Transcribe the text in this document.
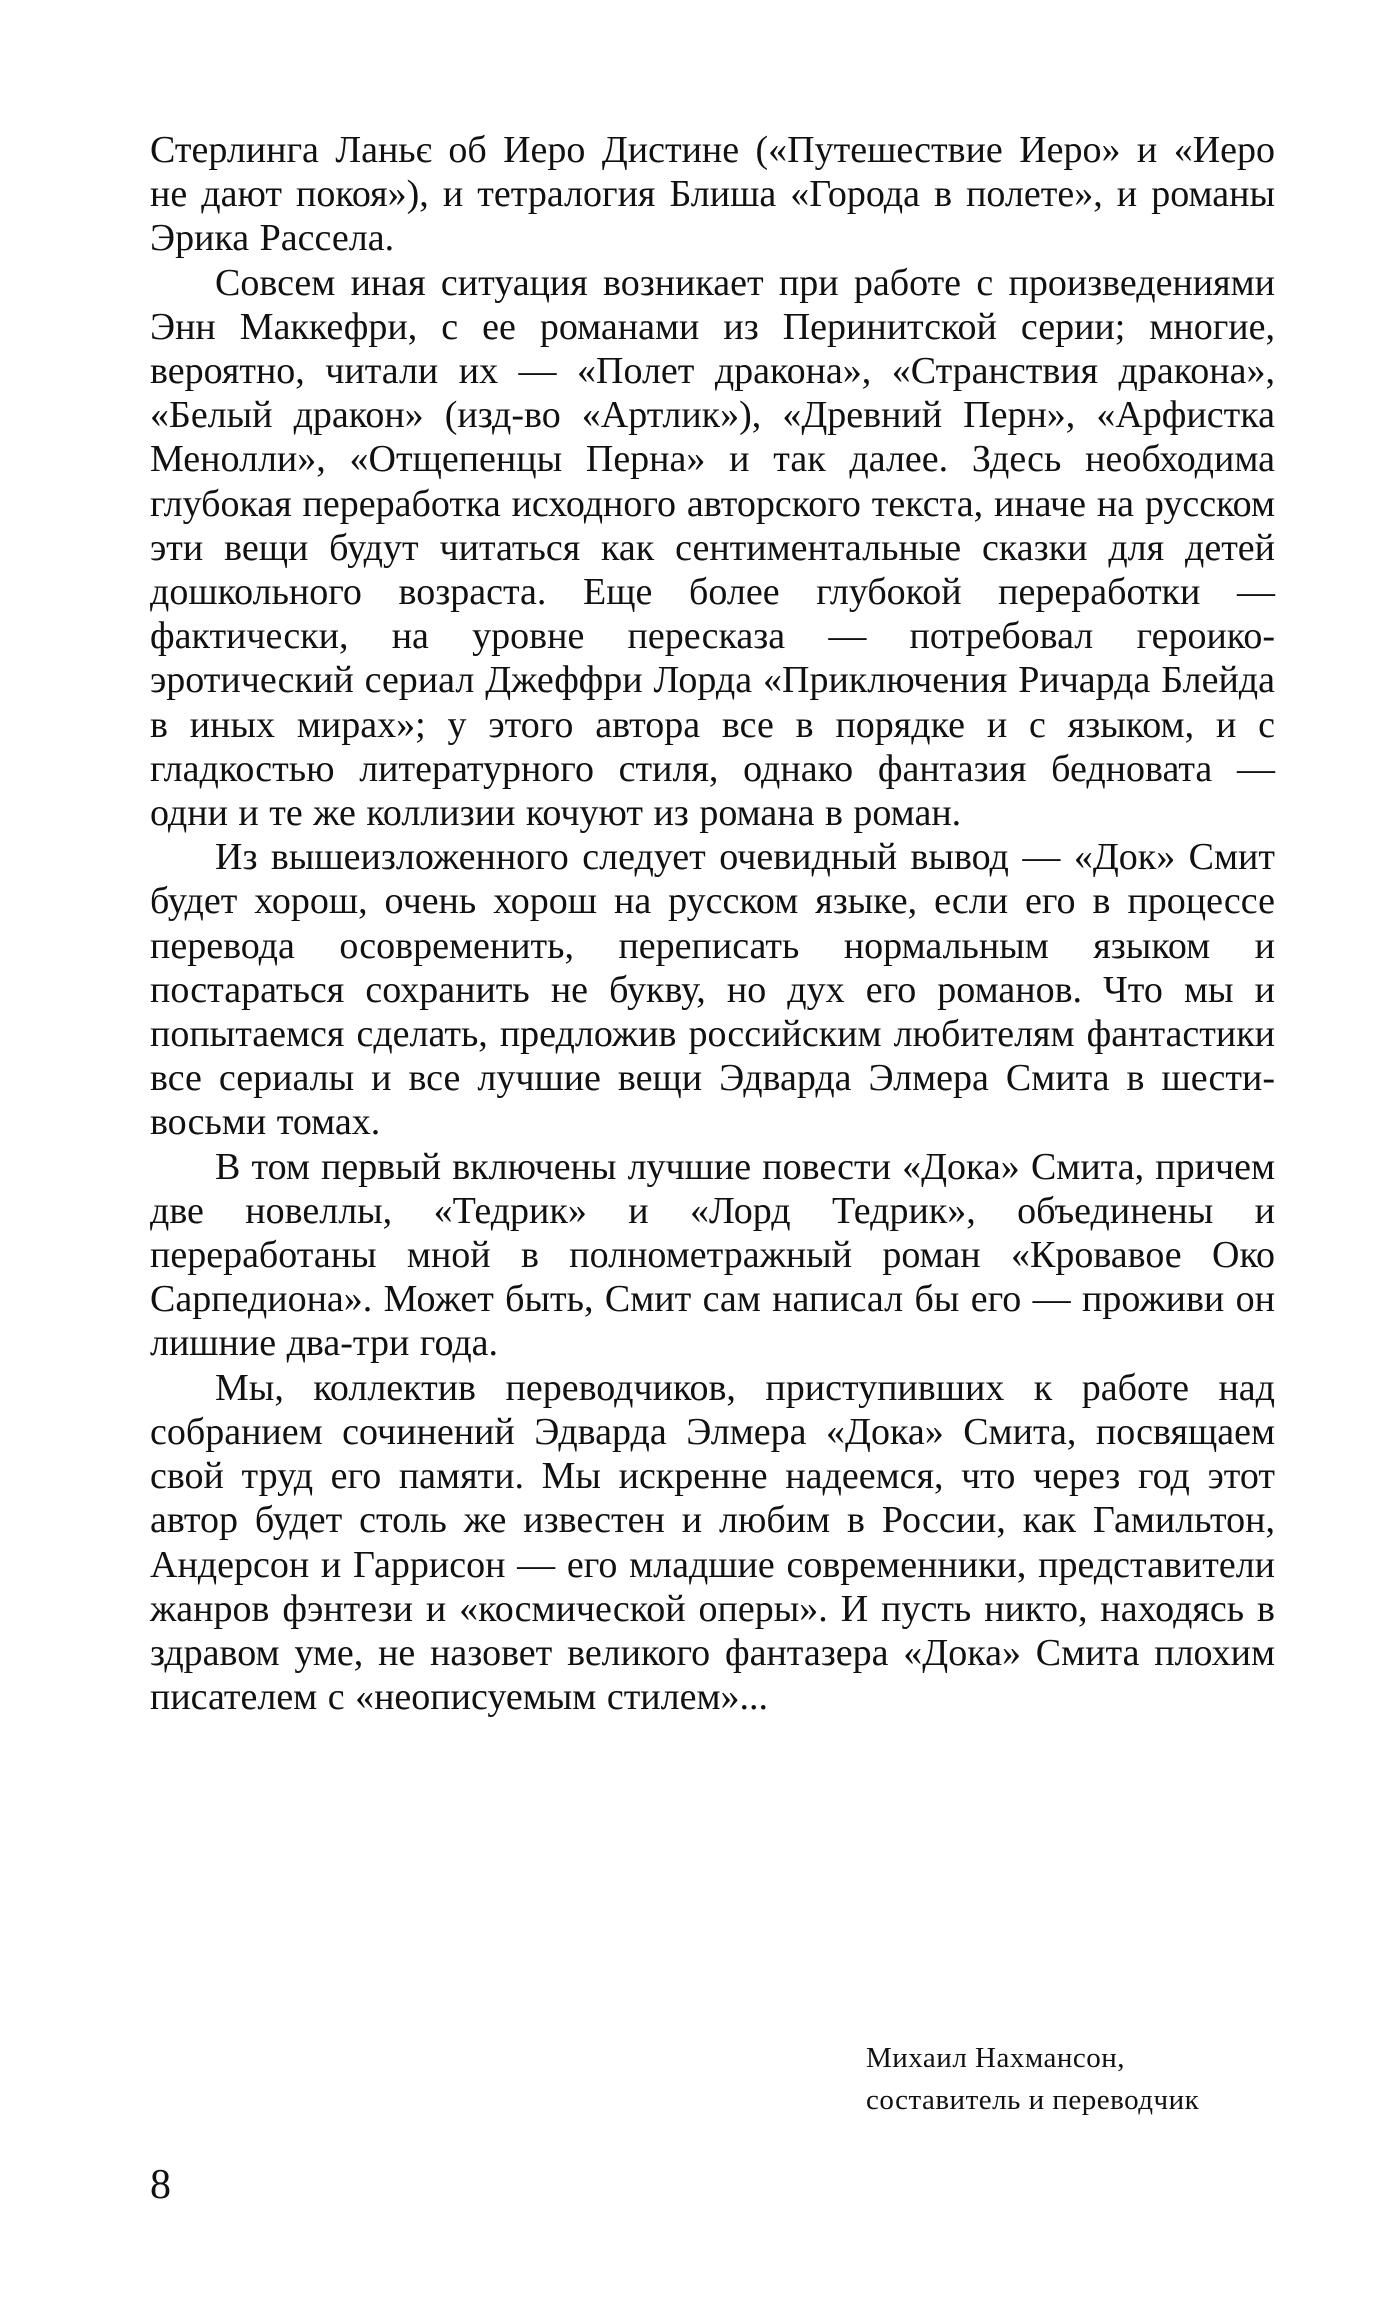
Стерлинга Ланьє об Иеро Дистине («Путешествие Иеро» и «Иеро не дают покоя»), и тетралогия Блиша «Города в полете», и романы Эрика Рассела.

Совсем иная ситуация возникает при работе с произведениями Энн Маккефри, с ее романами из Перинитской серии; многие, вероятно, читали их — «Полет дракона», «Странствия дракона», «Белый дракон» (изд-во «Артлик»), «Древний Перн», «Арфистка Менолли», «Отщепенцы Перна» и так далее. Здесь необходима глубокая переработка исходного авторского текста, иначе на русском эти вещи будут читаться как сентиментальные сказки для детей дошкольного возраста. Еще более глубокой переработки — фактически, на уровне пересказа — потребовал героико-эротический сериал Джеффри Лорда «Приключения Ричарда Блейда в иных мирах»; у этого автора все в порядке и с языком, и с гладкостью литературного стиля, однако фантазия бедновата — одни и те же коллизии кочуют из романа в роман.

Из вышеизложенного следует очевидный вывод — «Док» Смит будет хорош, очень хорош на русском языке, если его в процессе перевода осовременить, переписать нормальным языком и постараться сохранить не букву, но дух его романов. Что мы и попытаемся сделать, предложив российским любителям фантастики все сериалы и все лучшие вещи Эдварда Элмера Смита в шести-восьми томах.

В том первый включены лучшие повести «Дока» Смита, причем две новеллы, «Тедрик» и «Лорд Тедрик», объединены и переработаны мной в полнометражный роман «Кровавое Око Сарпедиона». Может быть, Смит сам написал бы его — проживи он лишние два-три года.

Мы, коллектив переводчиков, приступивших к работе над собранием сочинений Эдварда Элмера «Дока» Смита, посвящаем свой труд его памяти. Мы искренне надеемся, что через год этот автор будет столь же известен и любим в России, как Гамильтон, Андерсон и Гаррисон — его младшие современники, представители жанров фэнтези и «космической оперы». И пусть никто, находясь в здравом уме, не назовет великого фантазера «Дока» Смита плохим писателем с «неописуемым стилем»...

Михаил Нахмансон,
составитель и переводчик
8
